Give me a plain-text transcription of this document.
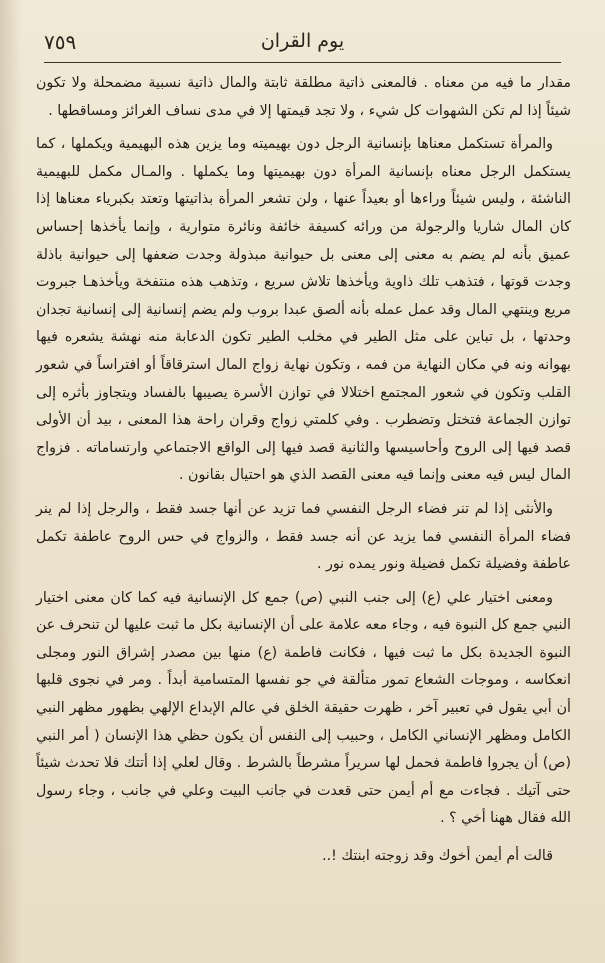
يوم القران
٧٥٩

مقدار ما فيه من معناه . فالمعنى ذاتية مطلقة ثابتة والمال ذاتية نسبية مضمحلة ولا تكون شيئاً إذا لم تكن الشهوات كل شيء ، ولا تجد قيمتها إلا في مدى نساف الغرائز ومساقطها .

والمرأة تستكمل معناها بإنسانية الرجل دون بهيميته وما يزين هذه البهيمية ويكملها ، كما يستكمل الرجل معناه بإنسانية المرأة دون بهيميتها وما يكملها . والمـال مكمل للبهيمية الناشئة ، وليس شيئاً وراءها أو بعيداً عنها ، ولن تشعر المرأة بذاتيتها وتعتد بكبرياء معناها إذا كان المال شاريا والرجولة من ورائه كسيفة خائفة ونائرة متوارية ، وإنما يأخذها إحساس عميق بأنه لم يضم به معنى إلى معنى بل حيوانية مبذولة وجدت ضعفها إلى حيوانية باذلة وجدت قوتها ، فتذهب تلك ذاوية ويأخذها تلاش سريع ، وتذهب هذه منتفخة ويأخذهـا جبروت مريع وينتهي المال وقد عمل عمله بأنه ألصق عبدا بروب ولم يضم إنسانية إلى إنسانية تجدان وحدتها ، بل تباين على مثل الطير في مخلب الطير تكون الدعابة منه نهشة يشعره فيها بهوانه ونه في مكان النهاية من فمه ، وتكون نهاية زواج المال استرقاقاً أو افتراساً في شعور القلب وتكون في شعور المجتمع اختلالا في توازن الأسرة يصيبها بالفساد ويتجاوز بأثره إلى توازن الجماعة فتختل وتضطرب . وفي كلمتي زواج وقران راحة هذا المعنى ، بيد أن الأولى قصد فيها إلى الروح وأحاسيسها والثانية قصد فيها إلى الواقع الاجتماعي وارتساماته . فزواج المال ليس فيه معنى وإنما فيه معنى القصد الذي هو احتيال بقانون .

والأنثى إذا لم تنر فضاء الرجل النفسي فما تزيد عن أنها جسد فقط ، والرجل إذا لم ينر فضاء المرأة النفسي فما يزيد عن أنه جسد فقط ، والزواج في حس الروح عاطفة تكمل عاطفة وفضيلة تكمل فضيلة ونور يمده نور .

ومعنى اختيار علي (ع) إلى جنب النبي (ص) جمع كل الإنسانية فيه كما كان معنى اختيار النبي جمع كل النبوة فيه ، وجاء معه علامة على أن الإنسانية بكل ما ثبت عليها لن تنحرف عن النبوة الجديدة بكل ما ثبت فيها ، فكانت فاطمة (ع) منها بين مصدر إشراق النور ومجلى انعكاسه ، وموجات الشعاع تمور متألقة في جو نفسها المتسامية أبداً . ومر في نجوى قلبها أن أبي يقول في تعبير آخر ، ظهرت حقيقة الخلق في عالم الإبداع الإلهي بظهور مظهر النبي الكامل ومظهر الإنساني الكامل ، وحبيب إلى النفس أن يكون حظي هذا الإنسان ( أمر النبي (ص) أن يجروا فاطمة فحمل لها سريراً مشرطاً بالشرط . وقال لعلي إذا أتتك فلا تحدث شيئاً حتى آتيك . فجاءت مع أم أيمن حتى قعدت في جانب البيت وعلي في جانب ، وجاء رسول الله فقال ههنا أخي ؟ .

قالت أم أيمن أخوك وقد زوجته ابنتك !..
